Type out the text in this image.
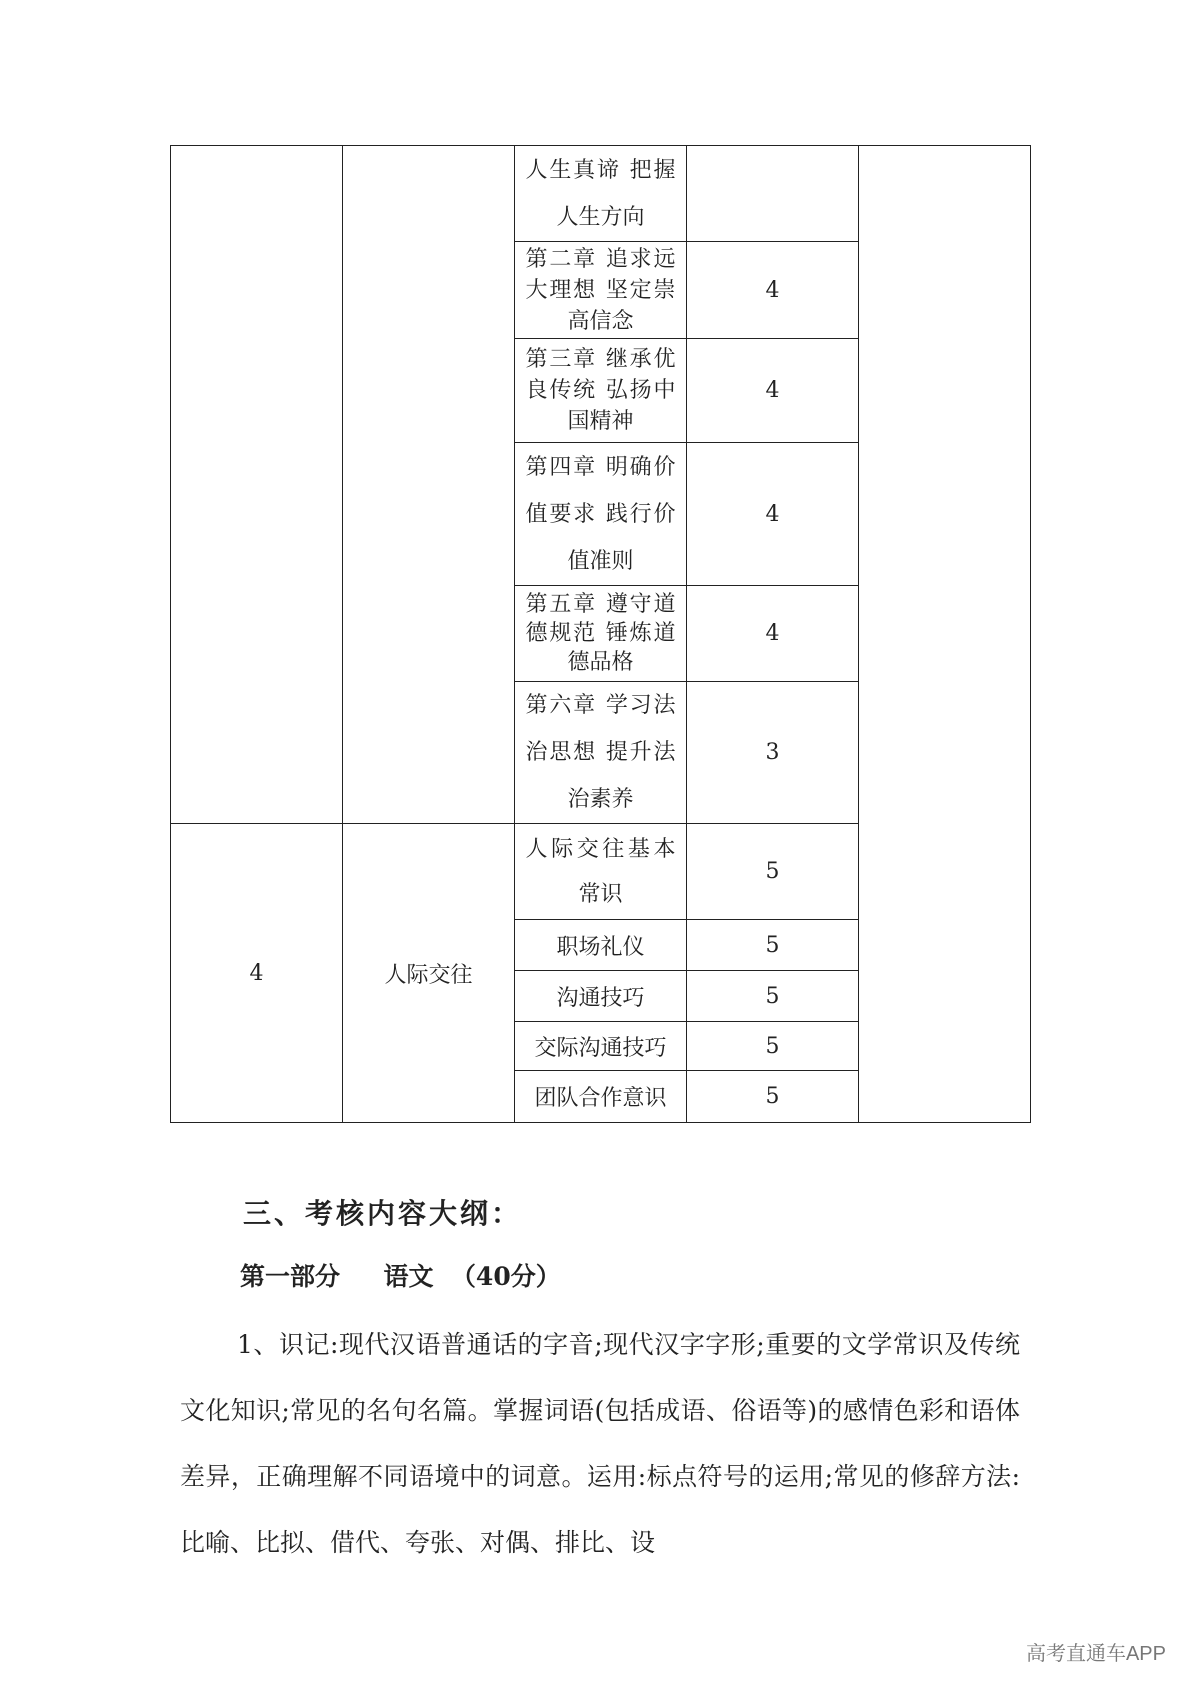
		人生真谛 把握人生方向		
		第二章 追求远大理想 坚定崇高信念	4	
		第三章 继承优良传统 弘扬中国精神	4	
		第四章 明确价值要求 践行价值准则	4	
		第五章 遵守道德规范 锤炼道德品格	4	
		第六章 学习法治思想 提升法治素养	3	
4	人际交往	人际交往基本常识	5	
		职场礼仪	5	
		沟通技巧	5	
		交际沟通技巧	5	
		团队合作意识	5	
三、考核内容大纲：
第一部分     语文  （40分）

1、识记:现代汉语普通话的字音;现代汉字字形;重要的文学常识及传统文化知识;常见的名句名篇。掌握词语(包括成语、俗语等)的感情色彩和语体差异，正确理解不同语境中的词意。运用:标点符号的运用;常见的修辞方法:比喻、比拟、借代、夸张、对偶、排比、设

高考直通车APP
